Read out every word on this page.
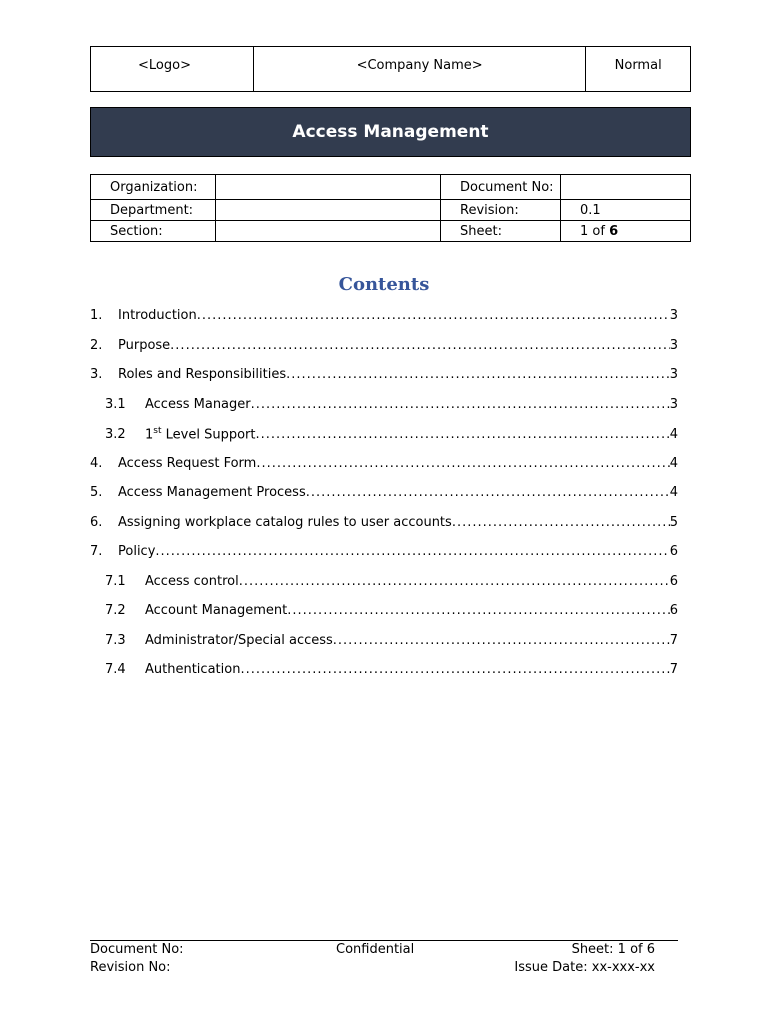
<Logo>	<Company Name>	Normal
Access Management
Organization:		Document No:	
Department:		Revision:	0.1
Section:		Sheet:	1 of 6
Contents
1.	Introduction .....	3
2.	Purpose .....	3
3.	Roles and Responsibilities .....	3
3.1	Access Manager .....	3
3.2	1st Level Support .....	4
4.	Access Request Form .....	4
5.	Access Management Process .....	4
6.	Assigning workplace catalog rules to user accounts .....	5
7.	Policy .....	6
7.1	Access control .....	6
7.2	Account Management .....	6
7.3	Administrator/Special access .....	7
7.4	Authentication .....	7
Document No:
Revision No:
Confidential	Sheet: 1 of 6
Issue Date: xx-xxx-xx
